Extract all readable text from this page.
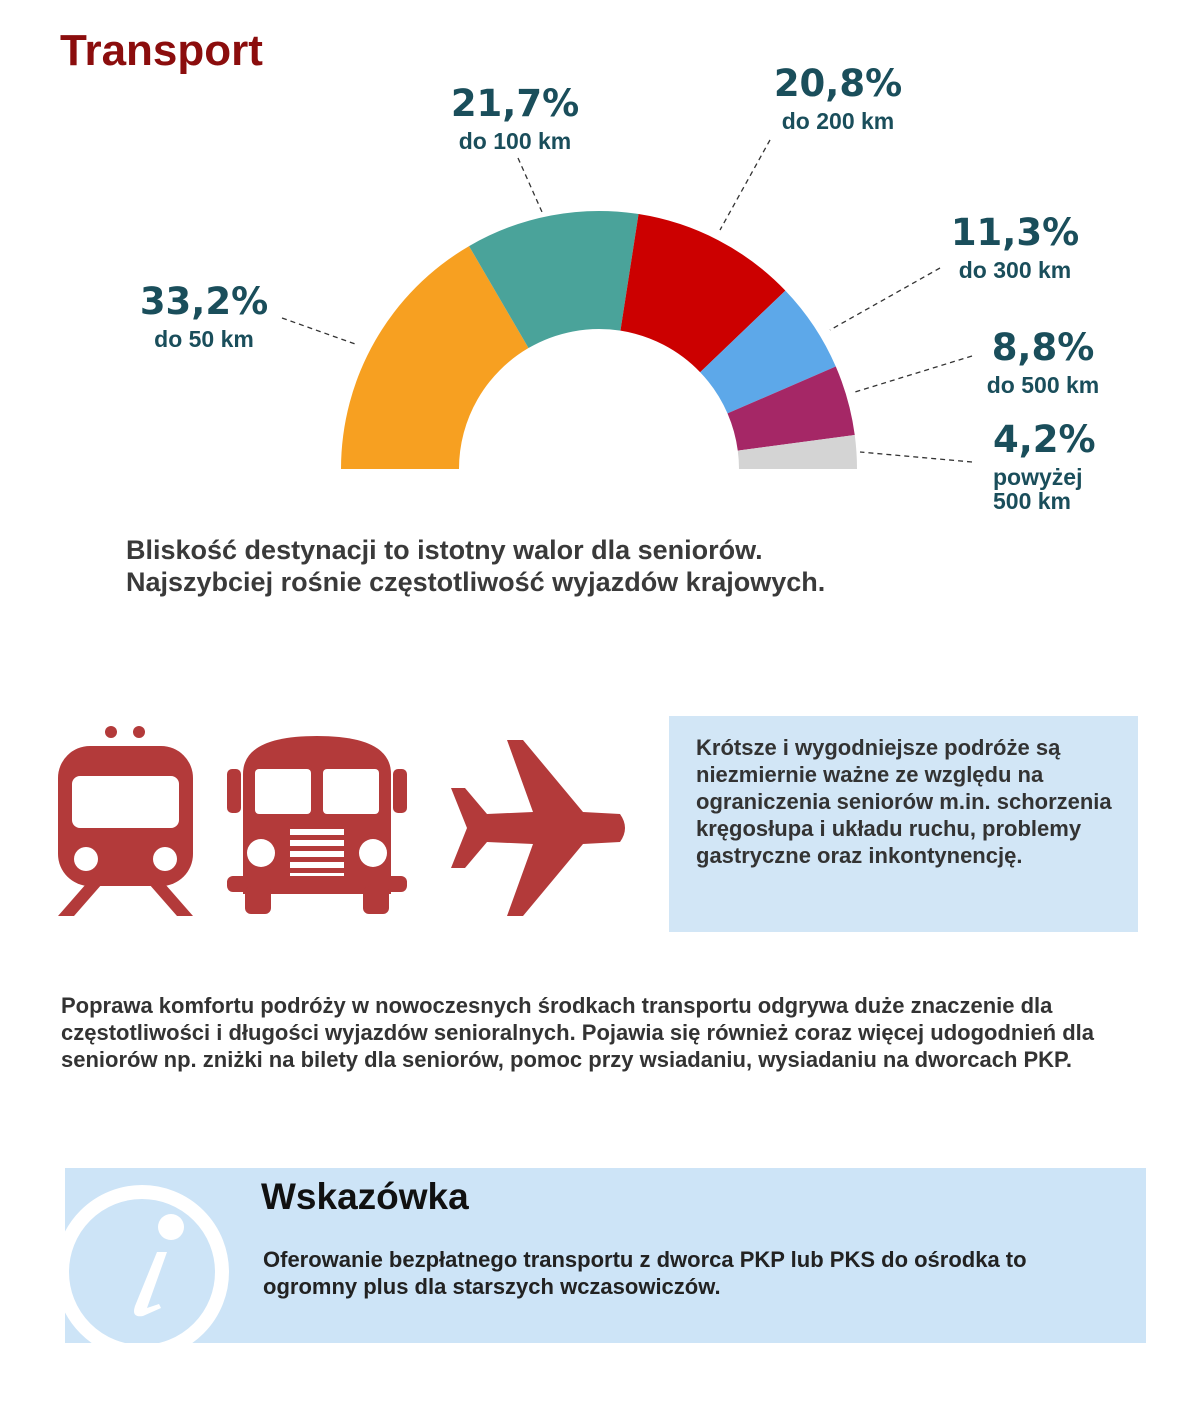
Transport
33,2%
do 50 km
21,7%
do 100 km
20,8%
do 200 km
11,3%
do 300 km
8,8%
do 500 km
4,2%
powyżej
500 km

Bliskość destynacji to istotny walor dla seniorów.
Najszybciej rośnie częstotliwość wyjazdów krajowych.

Krótsze i wygodniejsze podróże są niezmiernie ważne ze względu na ograniczenia seniorów m.in. schorzenia kręgosłupa i układu ruchu, problemy gastryczne oraz inkontynencję.

Poprawa komfortu podróży w nowoczesnych środkach transportu odgrywa duże znaczenie dla częstotliwości i długości wyjazdów senioralnych. Pojawia się również coraz więcej udogodnień dla seniorów np. zniżki na bilety dla seniorów, pomoc przy wsiadaniu, wysiadaniu na dworcach PKP.

Wskazówka

Oferowanie bezpłatnego transportu z dworca PKP lub PKS do ośrodka to ogromny plus dla starszych wczasowiczów.
